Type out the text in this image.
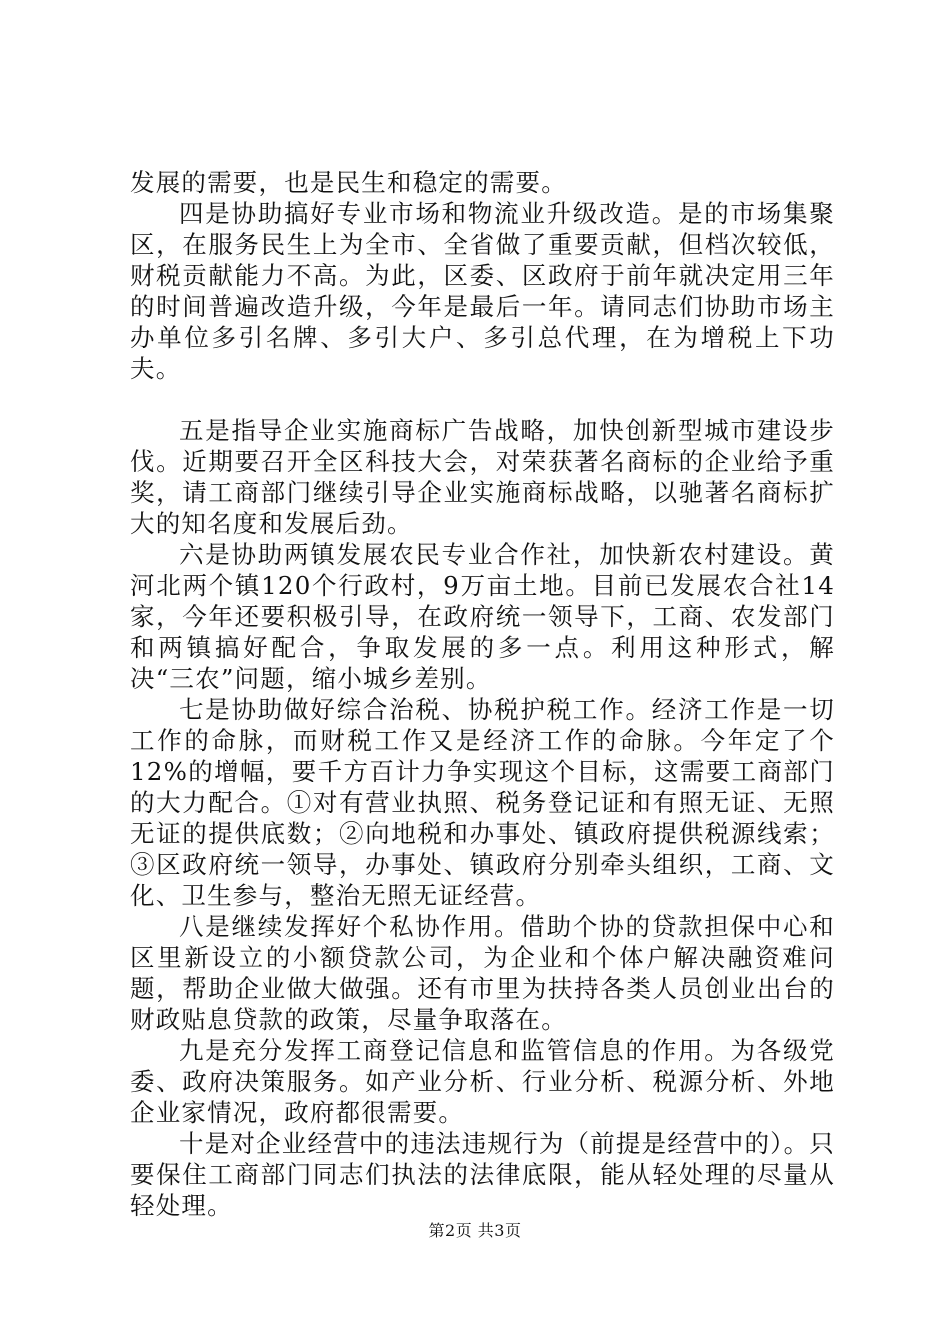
发展的需要，也是民生和稳定的需要。

四是协助搞好专业市场和物流业升级改造。是的市场集聚区，在服务民生上为全市、全省做了重要贡献，但档次较低，财税贡献能力不高。为此，区委、区政府于前年就决定用三年的时间普遍改造升级，今年是最后一年。请同志们协助市场主办单位多引名牌、多引大户、多引总代理，在为增税上下功夫。

五是指导企业实施商标广告战略，加快创新型城市建设步伐。近期要召开全区科技大会，对荣获著名商标的企业给予重奖，请工商部门继续引导企业实施商标战略，以驰著名商标扩大的知名度和发展后劲。

六是协助两镇发展农民专业合作社，加快新农村建设。黄河北两个镇120个行政村，9万亩土地。目前已发展农合社14家，今年还要积极引导，在政府统一领导下，工商、农发部门和两镇搞好配合，争取发展的多一点。利用这种形式，解决“三农”问题，缩小城乡差别。

七是协助做好综合治税、协税护税工作。经济工作是一切工作的命脉，而财税工作又是经济工作的命脉。今年定了个12%的增幅，要千方百计力争实现这个目标，这需要工商部门的大力配合。①对有营业执照、税务登记证和有照无证、无照无证的提供底数；②向地税和办事处、镇政府提供税源线索；③区政府统一领导，办事处、镇政府分别牵头组织，工商、文化、卫生参与，整治无照无证经营。

八是继续发挥好个私协作用。借助个协的贷款担保中心和区里新设立的小额贷款公司，为企业和个体户解决融资难问题，帮助企业做大做强。还有市里为扶持各类人员创业出台的财政贴息贷款的政策，尽量争取落在。

九是充分发挥工商登记信息和监管信息的作用。为各级党委、政府决策服务。如产业分析、行业分析、税源分析、外地企业家情况，政府都很需要。

十是对企业经营中的违法违规行为（前提是经营中的）。只要保住工商部门同志们执法的法律底限，能从轻处理的尽量从轻处理。

第2页 共3页
